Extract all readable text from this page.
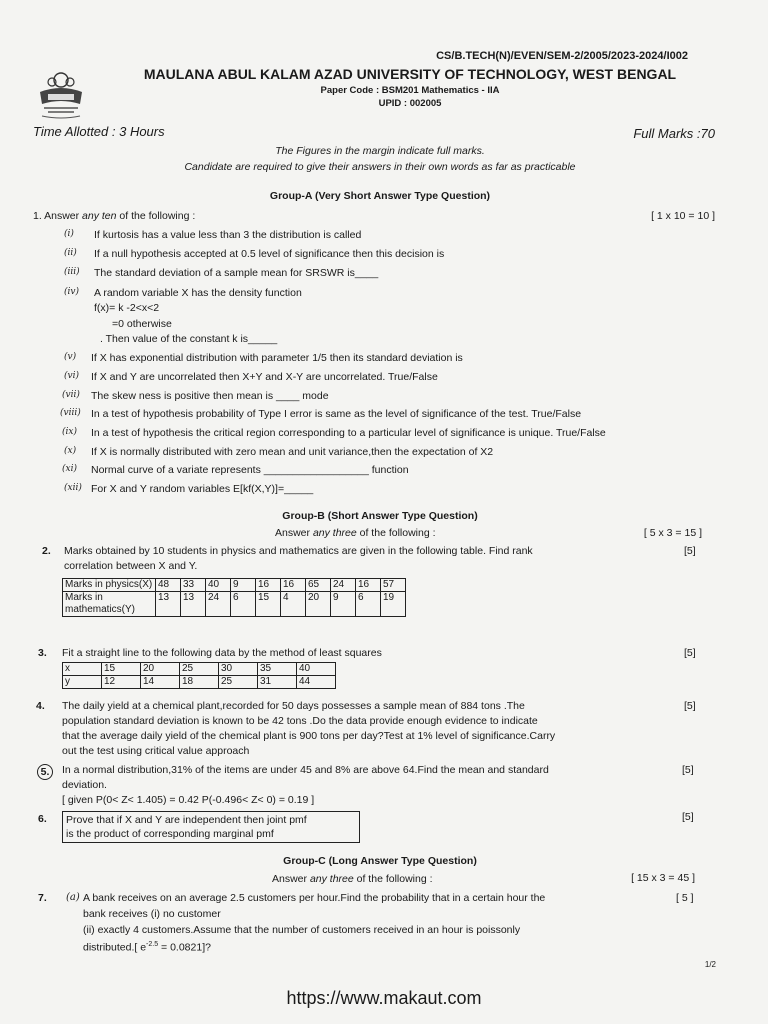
CS/B.TECH(N)/EVEN/SEM-2/2005/2023-2024/I002
MAULANA ABUL KALAM AZAD UNIVERSITY OF TECHNOLOGY, WEST BENGAL
Paper Code : BSM201 Mathematics - IIA
UPID : 002005
Time Allotted : 3 Hours	Full Marks :70
The Figures in the margin indicate full marks.
Candidate are required to give their answers in their own words as far as practicable
Group-A (Very Short Answer Type Question)
1. Answer any ten of the following :	[ 1 x 10 = 10 ]
(i) If kurtosis has a value less than 3 the distribution is called
(ii) If a null hypothesis accepted at 0.5 level of significance then this decision is
(iii) The standard deviation of a sample mean for SRSWR is____
(iv) A random variable X has the density function
f(x)= k -2<x<2
=0 otherwise
. Then value of the constant k is_____
(v) If X has exponential distribution with parameter 1/5 then its standard deviation is
(vi) If X and Y are uncorrelated then X+Y and X-Y are uncorrelated. True/False
(vii) The skew ness is positive then mean is ____ mode
(viii) In a test of hypothesis probability of Type I error is same as the level of significance of the test. True/False
(ix) In a test of hypothesis the critical region corresponding to a particular level of significance is unique. True/False
(x) If X is normally distributed with zero mean and unit variance,then the expectation of X2
(xi) Normal curve of a variate represents __________________ function
(xii) For X and Y random variables E[kf(X,Y)]=_____
Group-B (Short Answer Type Question)
Answer any three of the following :	[ 5 x 3 = 15 ]
2. Marks obtained by 10 students in physics and mathematics are given in the following table. Find rank
correlation between X and Y.
[5]
Marks in physics(X)	48	33	40	9	16	16	65	24	16	57
Marks in mathematics(Y)	13	13	24	6	15	4	20	9	6	19
3. Fit a straight line to the following data by the method of least squares	[5]
x	15	20	25	30	35	40
y	12	14	18	25	31	44
4. The daily yield at a chemical plant,recorded for 50 days possesses a sample mean of 884 tons .The
population standard deviation is known to be 42 tons .Do the data provide enough evidence to indicate
that the average daily yield of the chemical plant is 900 tons per day?Test at 1% level of significance.Carry
out the test using critical value approach
[5]
5.	In a normal distribution,31% of the items are under 45 and 8% are above 64.Find the mean and standard
deviation.
[ given P(0< Z< 1.405) = 0.42 P(-0.496< Z< 0) = 0.19 ]
[5]
6. Prove that if X and Y are independent then joint pmf
is the product of corresponding marginal pmf
[5]
Group-C (Long Answer Type Question)
Answer any three of the following :	[ 15 x 3 = 45 ]
7. (a) A bank receives on an average 2.5 customers per hour.Find the probability that in a certain hour the	[ 5 ]
bank receives (i) no customer
(ii) exactly 4 customers.Assume that the number of customers received in an hour is poissonly
distributed.[ $e^{-2.5} = 0.0821$]?
1/2
https://www.makaut.com
